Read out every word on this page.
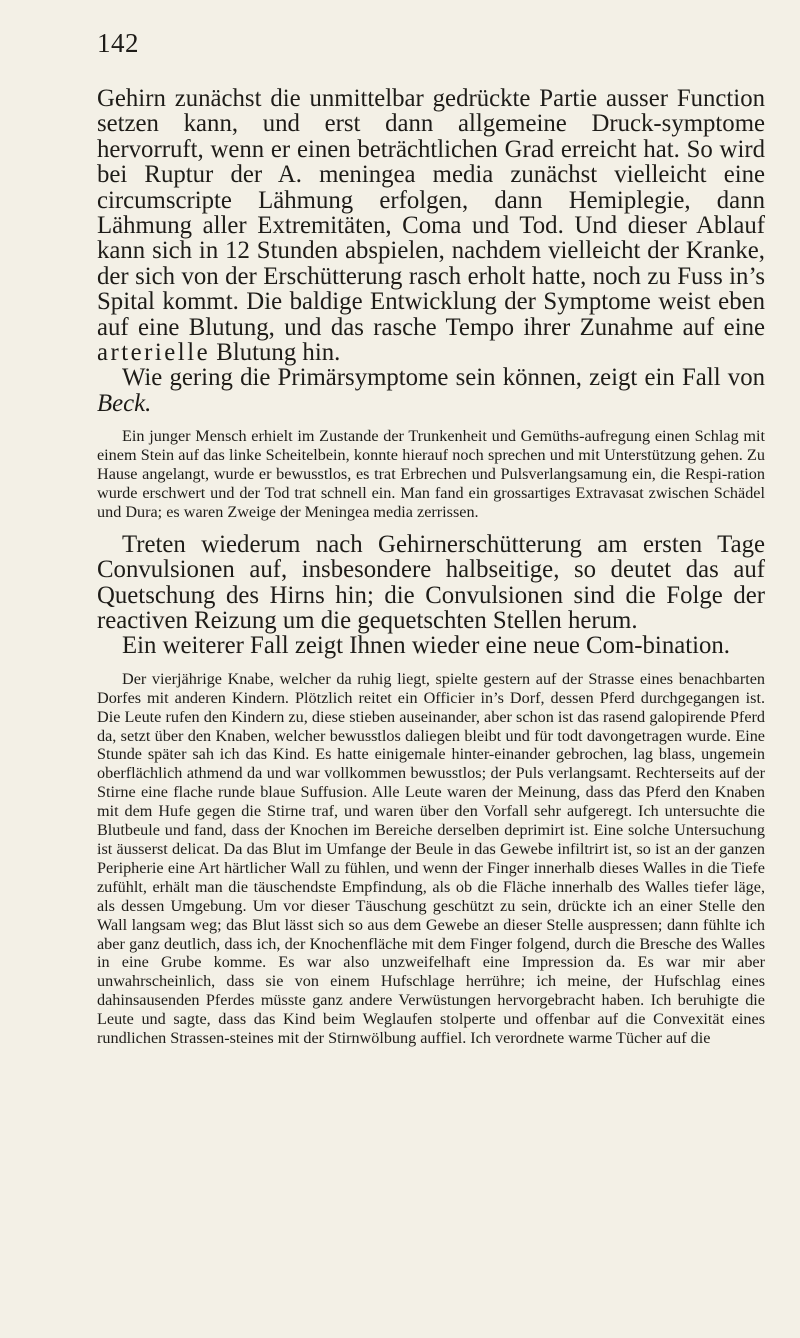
142

Gehirn zunächst die unmittelbar gedrückte Partie ausser Function setzen kann, und erst dann allgemeine Druck-symptome hervorruft, wenn er einen beträchtlichen Grad erreicht hat. So wird bei Ruptur der A. meningea media zunächst vielleicht eine circumscripte Lähmung erfolgen, dann Hemiplegie, dann Lähmung aller Extremitäten, Coma und Tod. Und dieser Ablauf kann sich in 12 Stunden abspielen, nachdem vielleicht der Kranke, der sich von der Erschütterung rasch erholt hatte, noch zu Fuss in’s Spital kommt. Die baldige Entwicklung der Symptome weist eben auf eine Blutung, und das rasche Tempo ihrer Zunahme auf eine arterielle Blutung hin.

Wie gering die Primärsymptome sein können, zeigt ein Fall von Beck.

Ein junger Mensch erhielt im Zustande der Trunkenheit und Gemüths-aufregung einen Schlag mit einem Stein auf das linke Scheitelbein, konnte hierauf noch sprechen und mit Unterstützung gehen. Zu Hause angelangt, wurde er bewusstlos, es trat Erbrechen und Pulsverlangsamung ein, die Respi-ration wurde erschwert und der Tod trat schnell ein. Man fand ein grossartiges Extravasat zwischen Schädel und Dura; es waren Zweige der Meningea media zerrissen.

Treten wiederum nach Gehirnerschütterung am ersten Tage Convulsionen auf, insbesondere halbseitige, so deutet das auf Quetschung des Hirns hin; die Convulsionen sind die Folge der reactiven Reizung um die gequetschten Stellen herum.

Ein weiterer Fall zeigt Ihnen wieder eine neue Com-bination.

Der vierjährige Knabe, welcher da ruhig liegt, spielte gestern auf der Strasse eines benachbarten Dorfes mit anderen Kindern. Plötzlich reitet ein Officier in’s Dorf, dessen Pferd durchgegangen ist. Die Leute rufen den Kindern zu, diese stieben auseinander, aber schon ist das rasend galopirende Pferd da, setzt über den Knaben, welcher bewusstlos daliegen bleibt und für todt davongetragen wurde. Eine Stunde später sah ich das Kind. Es hatte einigemale hinter-einander gebrochen, lag blass, ungemein oberflächlich athmend da und war vollkommen bewusstlos; der Puls verlangsamt. Rechterseits auf der Stirne eine flache runde blaue Suffusion. Alle Leute waren der Meinung, dass das Pferd den Knaben mit dem Hufe gegen die Stirne traf, und waren über den Vorfall sehr aufgeregt. Ich untersuchte die Blutbeule und fand, dass der Knochen im Bereiche derselben deprimirt ist. Eine solche Untersuchung ist äusserst delicat. Da das Blut im Umfange der Beule in das Gewebe infiltrirt ist, so ist an der ganzen Peripherie eine Art härtlicher Wall zu fühlen, und wenn der Finger innerhalb dieses Walles in die Tiefe zufühlt, erhält man die täuschendste Empfindung, als ob die Fläche innerhalb des Walles tiefer läge, als dessen Umgebung. Um vor dieser Täuschung geschützt zu sein, drückte ich an einer Stelle den Wall langsam weg; das Blut lässt sich so aus dem Gewebe an dieser Stelle auspressen; dann fühlte ich aber ganz deutlich, dass ich, der Knochenfläche mit dem Finger folgend, durch die Bresche des Walles in eine Grube komme. Es war also unzweifelhaft eine Impression da. Es war mir aber unwahrscheinlich, dass sie von einem Hufschlage herrühre; ich meine, der Hufschlag eines dahinsausenden Pferdes müsste ganz andere Verwüstungen hervorgebracht haben. Ich beruhigte die Leute und sagte, dass das Kind beim Weglaufen stolperte und offenbar auf die Convexität eines rundlichen Strassen-steines mit der Stirnwölbung auffiel. Ich verordnete warme Tücher auf die
